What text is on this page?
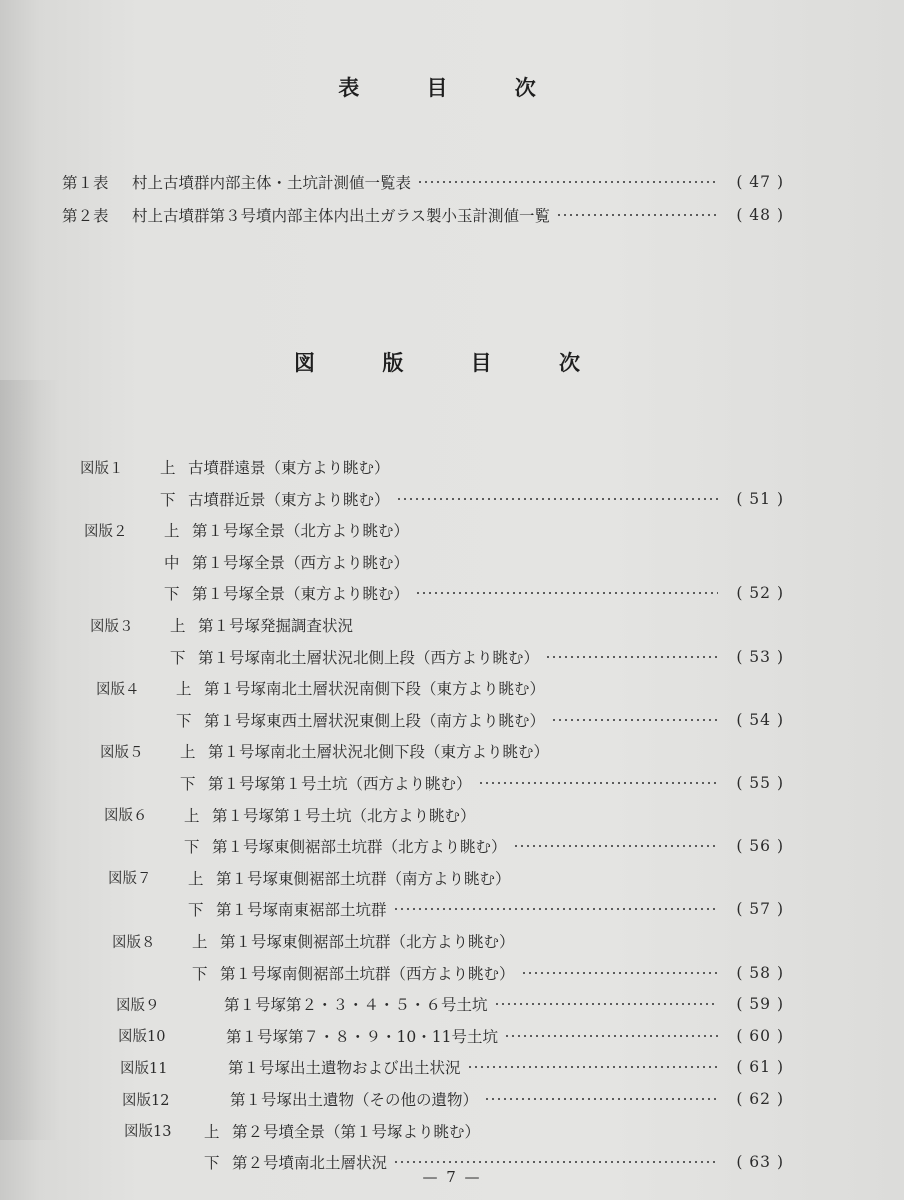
表 目 次
第１表	村上古墳群内部主体・土坑計測値一覧表	( 47 )
第２表	村上古墳群第３号墳内部主体内出土ガラス製小玉計測値一覧	( 48 )
図 版 目 次
図版１	上 古墳群遠景（東方より眺む）
下 古墳群近景（東方より眺む）	( 51 )
図版２	上 第１号塚全景（北方より眺む）
中 第１号塚全景（西方より眺む）
下 第１号塚全景（東方より眺む）	( 52 )
図版３	上 第１号塚発掘調査状況
下 第１号塚南北土層状況北側上段（西方より眺む）	( 53 )
図版４	上 第１号塚南北土層状況南側下段（東方より眺む）
下 第１号塚東西土層状況東側上段（南方より眺む）	( 54 )
図版５	上 第１号塚南北土層状況北側下段（東方より眺む）
下 第１号塚第１号土坑（西方より眺む）	( 55 )
図版６	上 第１号塚第１号土坑（北方より眺む）
下 第１号塚東側裾部土坑群（北方より眺む）	( 56 )
図版７	上 第１号塚東側裾部土坑群（南方より眺む）
下 第１号塚南東裾部土坑群	( 57 )
図版８	上 第１号塚東側裾部土坑群（北方より眺む）
下 第１号塚南側裾部土坑群（西方より眺む）	( 58 )
図版９	第１号塚第２・３・４・５・６号土坑	( 59 )
図版10	第１号塚第７・８・９・10・11号土坑	( 60 )
図版11	第１号塚出土遺物および出土状況	( 61 )
図版12	第１号塚出土遺物（その他の遺物）	( 62 )
図版13	上 第２号墳全景（第１号塚より眺む）
下 第２号墳南北土層状況	( 63 )
— 7 —
